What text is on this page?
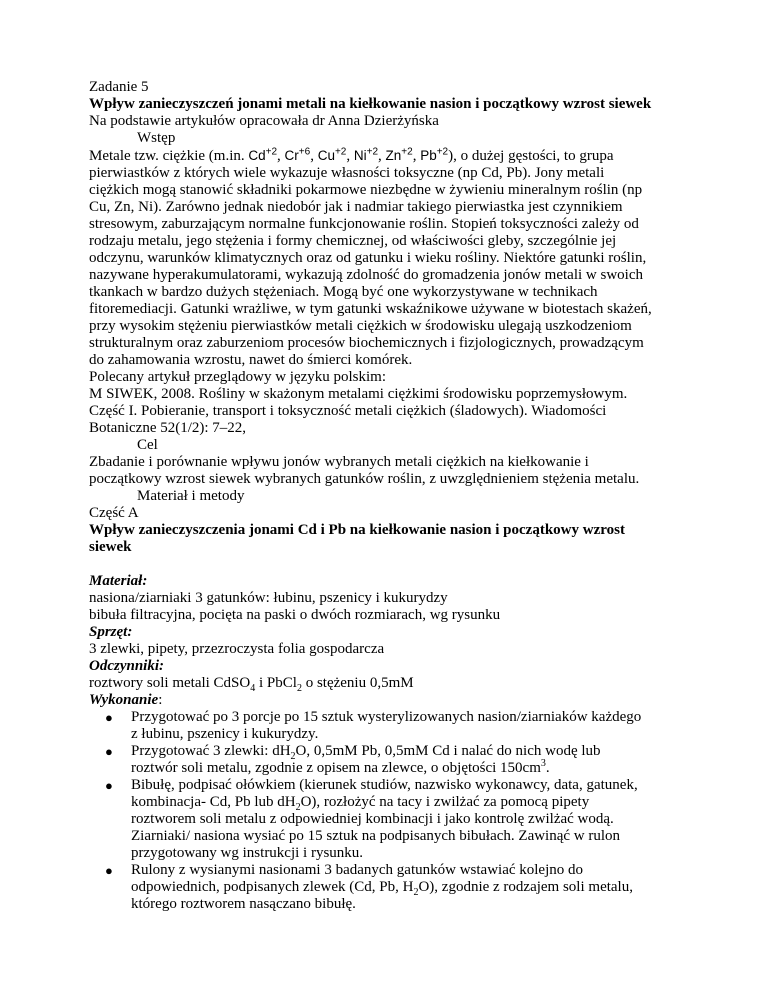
Zadanie 5

Wpływ zanieczyszczeń jonami metali na kiełkowanie nasion i początkowy wzrost siewek

Na podstawie artykułów opracowała dr Anna Dzierżyńska

Wstęp

Metale tzw. ciężkie (m.in. $Cd^{+2}$, $Cr^{+6}$, $Cu^{+2}$, $Ni^{+2}$, $Zn^{+2}$, $Pb^{+2}$), o dużej gęstości, to grupa

pierwiastków z których wiele wykazuje własności toksyczne (np Cd, Pb). Jony metali

ciężkich mogą stanowić składniki pokarmowe niezbędne w żywieniu mineralnym roślin (np

Cu, Zn, Ni). Zarówno jednak niedobór jak i nadmiar takiego pierwiastka jest czynnikiem

stresowym, zaburzającym normalne funkcjonowanie roślin. Stopień toksyczności zależy od

rodzaju metalu, jego stężenia i formy chemicznej, od właściwości gleby, szczególnie jej

odczynu, warunków klimatycznych oraz od gatunku i wieku rośliny. Niektóre gatunki roślin,

nazywane hyperakumulatorami, wykazują zdolność do gromadzenia jonów metali w swoich

tkankach w bardzo dużych stężeniach. Mogą być one wykorzystywane w technikach

fitoremediacji. Gatunki wrażliwe, w tym gatunki wskaźnikowe używane w biotestach skażeń,

przy wysokim stężeniu pierwiastków metali ciężkich w środowisku ulegają uszkodzeniom

strukturalnym oraz zaburzeniom procesów biochemicznych i fizjologicznych, prowadzącym

do zahamowania wzrostu, nawet do śmierci komórek.

Polecany artykuł przeglądowy w języku polskim:

M SIWEK, 2008. Rośliny w skażonym metalami ciężkimi środowisku poprzemysłowym.

Część I. Pobieranie, transport i toksyczność metali ciężkich (śladowych). Wiadomości

Botaniczne 52(1/2): 7–22,

Cel

Zbadanie i porównanie wpływu jonów wybranych metali ciężkich na kiełkowanie i

początkowy wzrost siewek wybranych gatunków roślin, z uwzględnieniem stężenia metalu.

Materiał i metody

Część A

Wpływ zanieczyszczenia jonami Cd i Pb na kiełkowanie nasion i początkowy wzrost

siewek

Materiał:

nasiona/ziarniaki 3 gatunków: łubinu, pszenicy i kukurydzy

bibuła filtracyjna, pocięta na paski o dwóch rozmiarach, wg rysunku

Sprzęt:

3 zlewki, pipety, przezroczysta folia gospodarcza

Odczynniki:

roztwory soli metali CdSO$_4$ i PbCl$_2$ o stężeniu 0,5mM

Wykonanie:

● Przygotować po 3 porcje po 15 sztuk wysterylizowanych nasion/ziarniaków każdego

z łubinu, pszenicy i kukurydzy.

● Przygotować 3 zlewki: $dH_2O$, 0,5mM Pb, 0,5mM Cd i nalać do nich wodę lub

roztwór soli metalu, zgodnie z opisem na zlewce, o objętości $150cm^3$.

● Bibułę, podpisać ołówkiem (kierunek studiów, nazwisko wykonawcy, data, gatunek,

kombinacja- Cd, Pb lub $dH_2O$), rozłożyć na tacy i zwilżać za pomocą pipety

roztworem soli metalu z odpowiedniej kombinacji i jako kontrolę zwilżać wodą.

Ziarniaki/ nasiona wysiać po 15 sztuk na podpisanych bibułach. Zawinąć w rulon

przygotowany wg instrukcji i rysunku.

● Rulony z wysianymi nasionami 3 badanych gatunków wstawiać kolejno do

odpowiednich, podpisanych zlewek (Cd, Pb, $H_2O$), zgodnie z rodzajem soli metalu,

którego roztworem nasączano bibułę.
